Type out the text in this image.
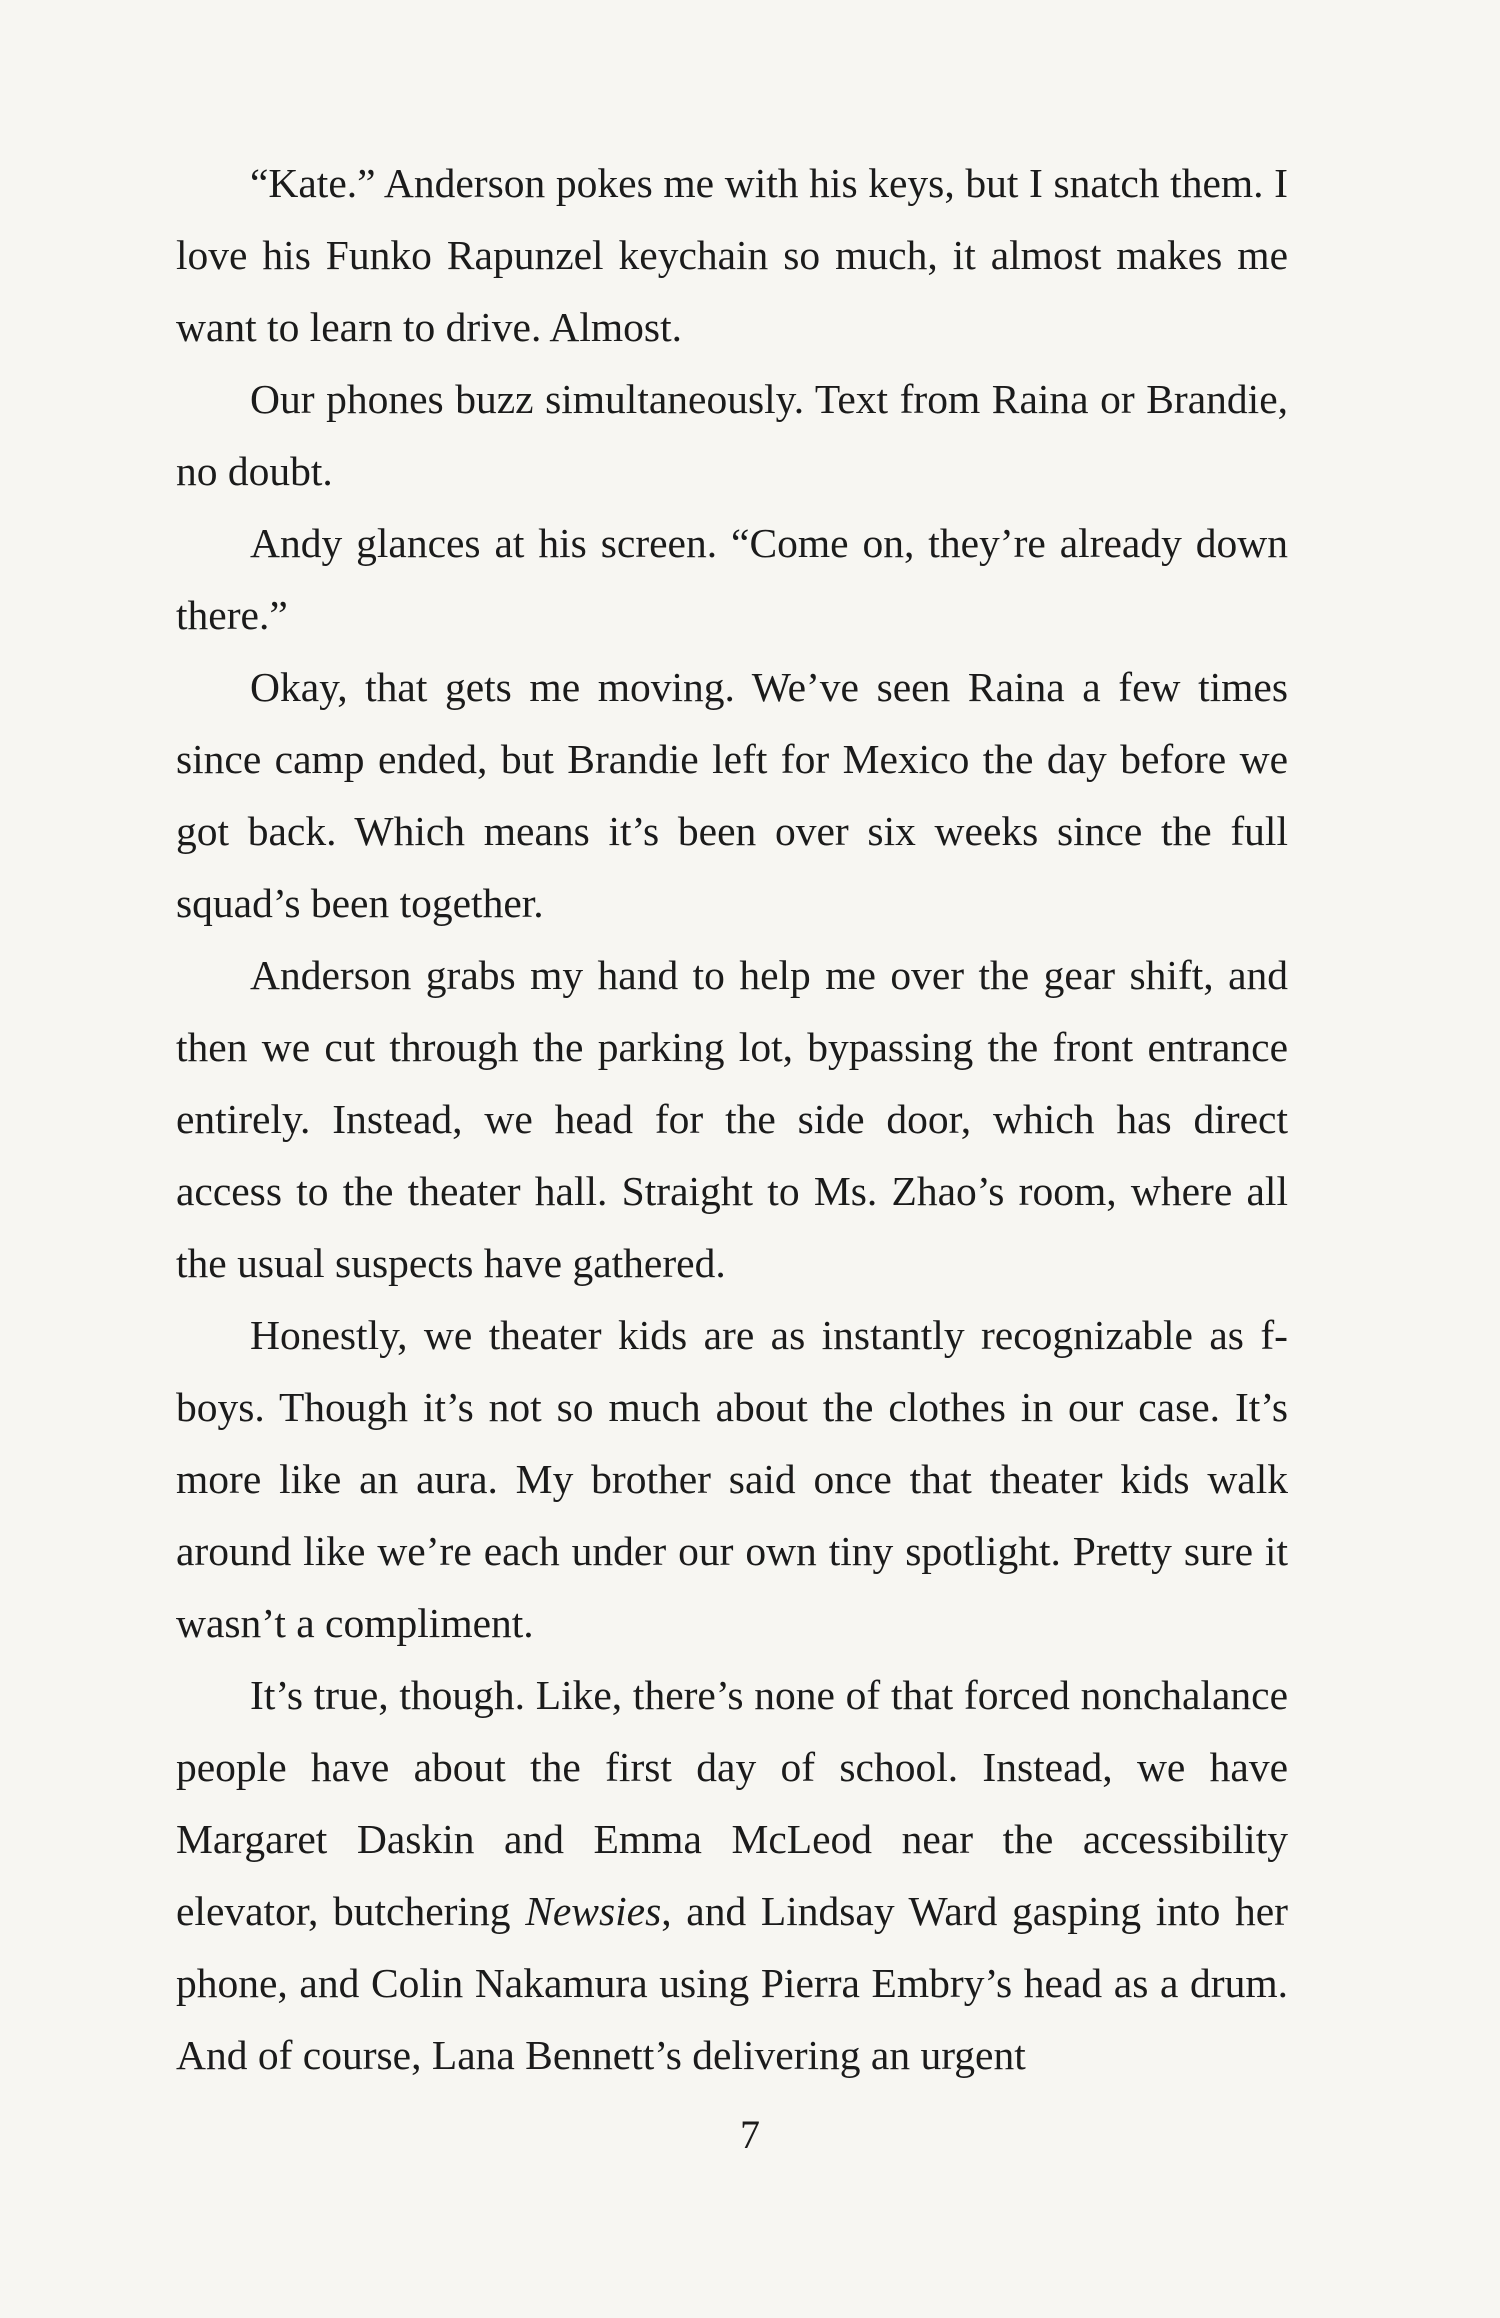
“Kate.” Anderson pokes me with his keys, but I snatch them. I love his Funko Rapunzel keychain so much, it almost makes me want to learn to drive. Almost.

Our phones buzz simultaneously. Text from Raina or Brandie, no doubt.

Andy glances at his screen. “Come on, they’re already down there.”

Okay, that gets me moving. We’ve seen Raina a few times since camp ended, but Brandie left for Mexico the day before we got back. Which means it’s been over six weeks since the full squad’s been together.

Anderson grabs my hand to help me over the gear shift, and then we cut through the parking lot, bypassing the front entrance entirely. Instead, we head for the side door, which has direct access to the theater hall. Straight to Ms. Zhao’s room, where all the usual suspects have gathered.

Honestly, we theater kids are as instantly recognizable as f-boys. Though it’s not so much about the clothes in our case. It’s more like an aura. My brother said once that theater kids walk around like we’re each under our own tiny spotlight. Pretty sure it wasn’t a compliment.

It’s true, though. Like, there’s none of that forced nonchalance people have about the first day of school. Instead, we have Margaret Daskin and Emma McLeod near the accessibility elevator, butchering Newsies, and Lindsay Ward gasping into her phone, and Colin Nakamura using Pierra Embry’s head as a drum. And of course, Lana Bennett’s delivering an urgent

7
